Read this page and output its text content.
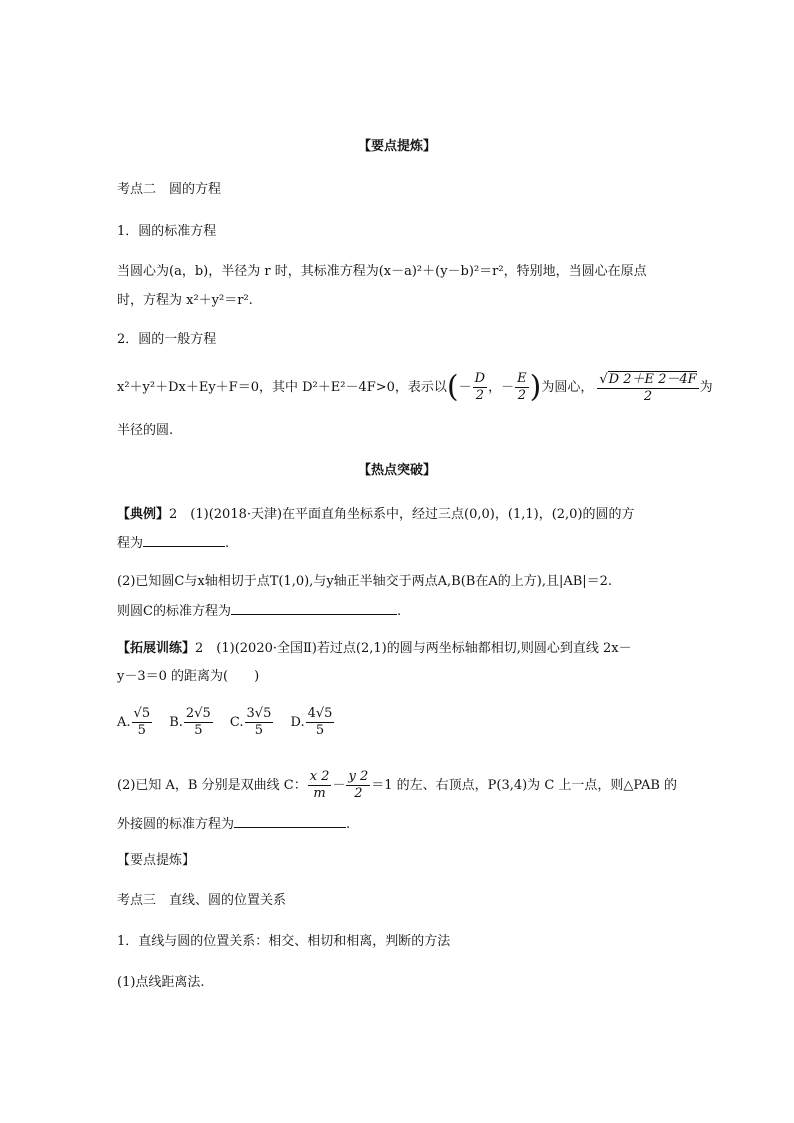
【要点提炼】
考点二　圆的方程
1．圆的标准方程
当圆心为(a，b)，半径为 r 时，其标准方程为(x－a)²＋(y－b)²＝r²，特别地，当圆心在原点
时，方程为 x²＋y²＝r².
2．圆的一般方程
x²＋y²＋Dx＋Ey＋F＝0，其中 D²＋E²－4F>0，表示以(－ $\frac{D}{2}$ ，－ $\frac{E}{2}$ )为圆心， $\frac{√D 2+E 2-4F}{2}$ 为
半径的圆.
【热点突破】
【典例】2　(1)(2018·天津)在平面直角坐标系中，经过三点(0,0)，(1,1)，(2,0)的圆的方
程为	.
(2)已知圆C与x轴相切于点T(1,0),与y轴正半轴交于两点A,B(B在A的上方),且|AB|＝2.
则圆C的标准方程为	.
【拓展训练】2　(1)(2020·全国Ⅱ)若过点(2,1)的圆与两坐标轴都相切,则圆心到直线 2x－
y－3＝0 的距离为(　　)
A. $\frac{√5}{5} B$. $\frac{2√5}{5} C$. $\frac{3√5}{5} D$. $\frac{4√5}{5}$
(2)已知 A，B 分别是双曲线 C： $\frac{x 2}{m} - \frac{y 2}{2} =1$ 的左、右顶点，P(3,4)为 C 上一点，则△PAB 的
外接圆的标准方程为	.
【要点提炼】
考点三　直线、圆的位置关系
1．直线与圆的位置关系：相交、相切和相离，判断的方法
(1)点线距离法.
